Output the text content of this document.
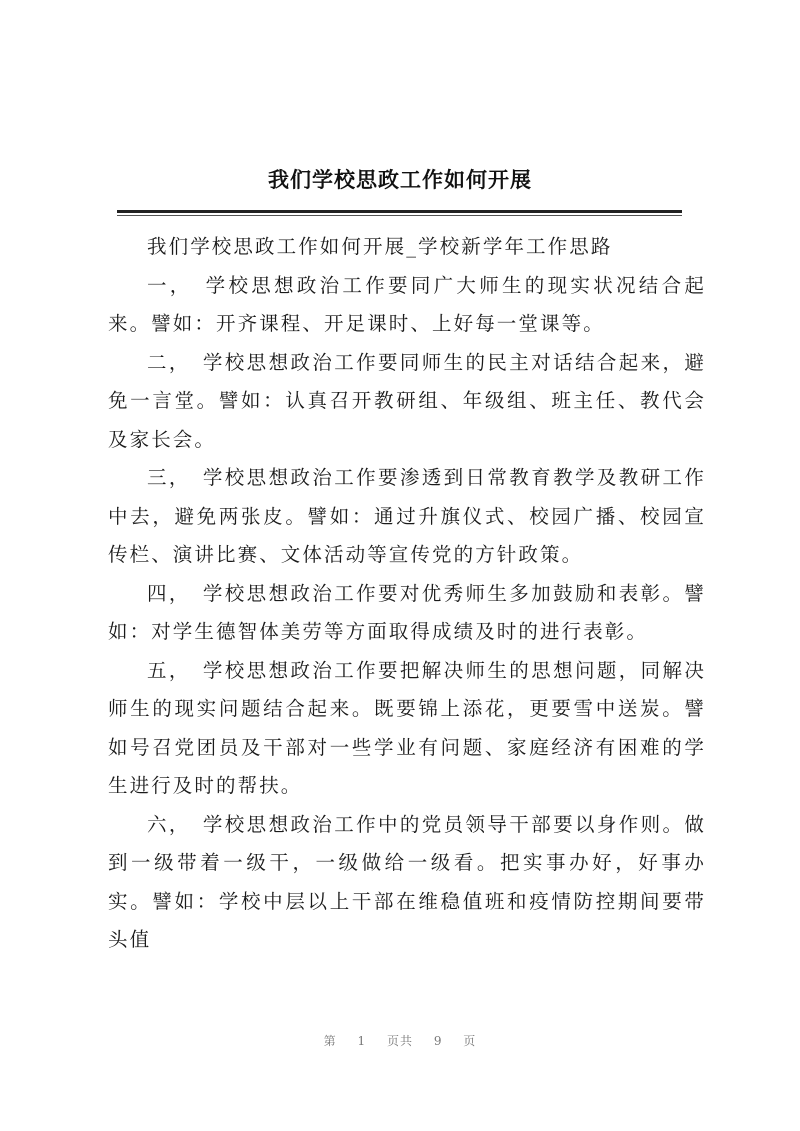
我们学校思政工作如何开展

我们学校思政工作如何开展_学校新学年工作思路

一，　学校思想政治工作要同广大师生的现实状况结合起来。譬如：开齐课程、开足课时、上好每一堂课等。

二，　学校思想政治工作要同师生的民主对话结合起来，避免一言堂。譬如：认真召开教研组、年级组、班主任、教代会及家长会。

三，　学校思想政治工作要渗透到日常教育教学及教研工作中去，避免两张皮。譬如：通过升旗仪式、校园广播、校园宣传栏、演讲比赛、文体活动等宣传党的方针政策。

四，　学校思想政治工作要对优秀师生多加鼓励和表彰。譬如：对学生德智体美劳等方面取得成绩及时的进行表彰。

五，　学校思想政治工作要把解决师生的思想问题，同解决师生的现实问题结合起来。既要锦上添花，更要雪中送炭。譬如号召党团员及干部对一些学业有问题、家庭经济有困难的学生进行及时的帮扶。

六，　学校思想政治工作中的党员领导干部要以身作则。做到一级带着一级干，一级做给一级看。把实事办好，好事办实。譬如：学校中层以上干部在维稳值班和疫情防控期间要带头值

第 1 页共 9 页
